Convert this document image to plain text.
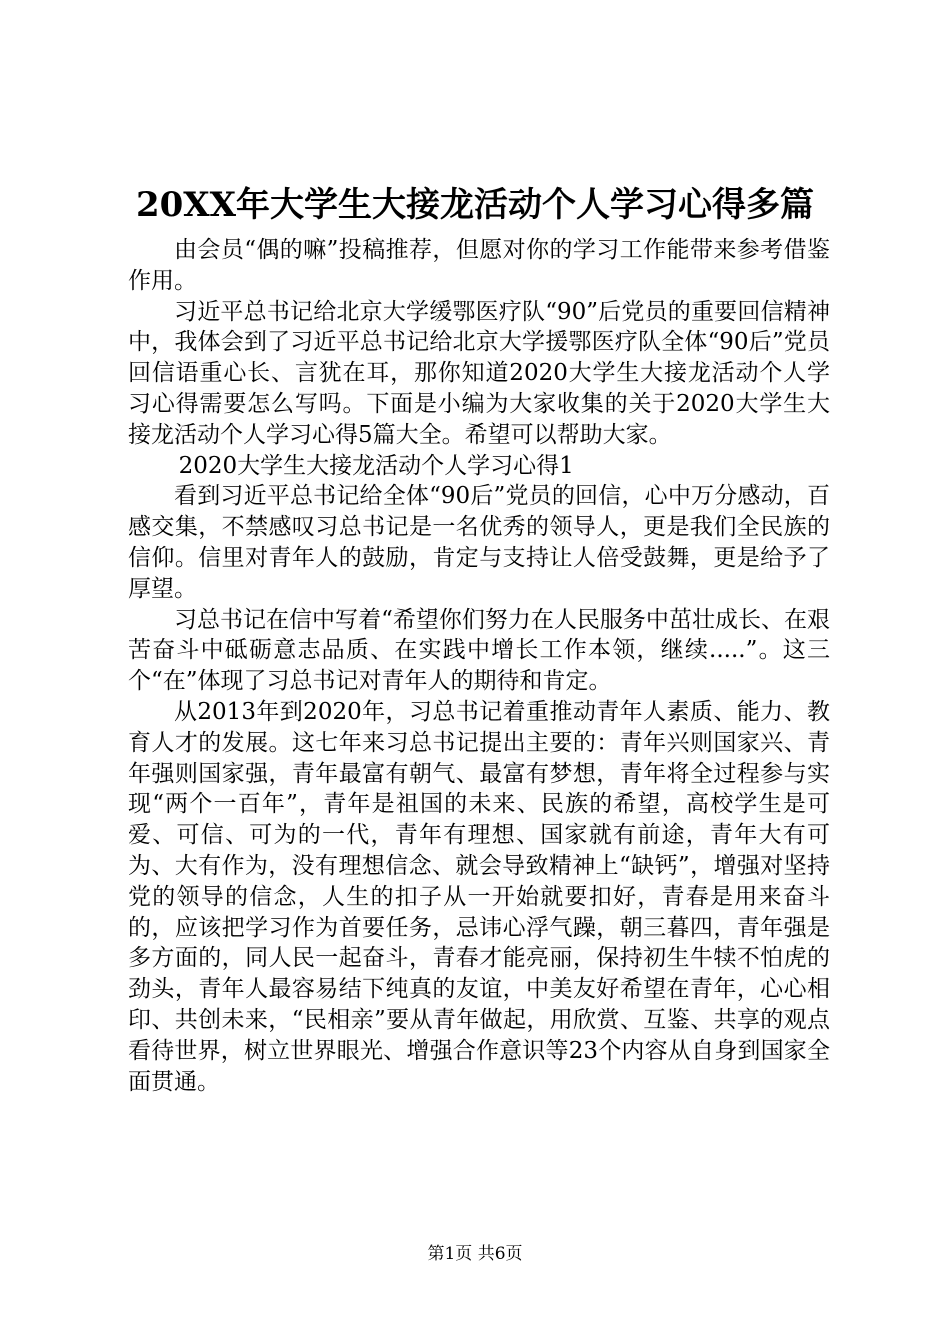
20XX年大学生大接龙活动个人学习心得多篇

由会员“偶的嘛”投稿推荐，但愿对你的学习工作能带来参考借鉴作用。

习近平总书记给北京大学缓鄂医疗队“90”后党员的重要回信精神中，我体会到了习近平总书记给北京大学援鄂医疗队全体“90后”党员回信语重心长、言犹在耳，那你知道2020大学生大接龙活动个人学习心得需要怎么写吗。下面是小编为大家收集的关于2020大学生大接龙活动个人学习心得5篇大全。希望可以帮助大家。

2020大学生大接龙活动个人学习心得1

看到习近平总书记给全体“90后”党员的回信，心中万分感动，百感交集，不禁感叹习总书记是一名优秀的领导人，更是我们全民族的信仰。信里对青年人的鼓励，肯定与支持让人倍受鼓舞，更是给予了厚望。

习总书记在信中写着“希望你们努力在人民服务中茁壮成长、在艰苦奋斗中砥砺意志品质、在实践中增长工作本领，继续.....”。这三个“在”体现了习总书记对青年人的期待和肯定。

从2013年到2020年，习总书记着重推动青年人素质、能力、教育人才的发展。这七年来习总书记提出主要的：青年兴则国家兴、青年强则国家强，青年最富有朝气、最富有梦想，青年将全过程参与实现“两个一百年”，青年是祖国的未来、民族的希望，高校学生是可爱、可信、可为的一代，青年有理想、国家就有前途，青年大有可为、大有作为，没有理想信念、就会导致精神上“缺钙”，增强对坚持党的领导的信念，人生的扣子从一开始就要扣好，青春是用来奋斗的，应该把学习作为首要任务，忌讳心浮气躁，朝三暮四，青年强是多方面的，同人民一起奋斗，青春才能亮丽，保持初生牛犊不怕虎的劲头，青年人最容易结下纯真的友谊，中美友好希望在青年，心心相印、共创未来，“民相亲”要从青年做起，用欣赏、互鉴、共享的观点看待世界，树立世界眼光、增强合作意识等23个内容从自身到国家全面贯通。

第1页 共6页
